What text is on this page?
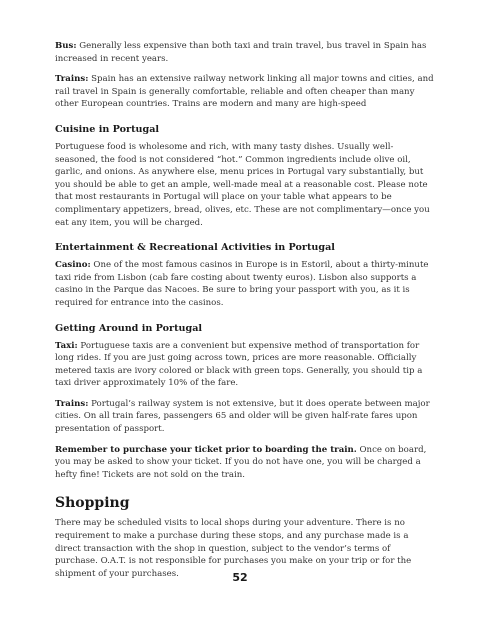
Bus: Generally less expensive than both taxi and train travel, bus travel in Spain has increased in recent years.

Trains: Spain has an extensive railway network linking all major towns and cities, and rail travel in Spain is generally comfortable, reliable and often cheaper than many other European countries. Trains are modern and many are high-speed

Cuisine in Portugal

Portuguese food is wholesome and rich, with many tasty dishes. Usually well-seasoned, the food is not considered “hot.” Common ingredients include olive oil, garlic, and onions. As anywhere else, menu prices in Portugal vary substantially, but you should be able to get an ample, well-made meal at a reasonable cost. Please note that most restaurants in Portugal will place on your table what appears to be complimentary appetizers, bread, olives, etc. These are not complimentary—once you eat any item, you will be charged.

Entertainment & Recreational Activities in Portugal

Casino: One of the most famous casinos in Europe is in Estoril, about a thirty-minute taxi ride from Lisbon (cab fare costing about twenty euros). Lisbon also supports a casino in the Parque das Nacoes. Be sure to bring your passport with you, as it is required for entrance into the casinos.

Getting Around in Portugal

Taxi: Portuguese taxis are a convenient but expensive method of transportation for long rides. If you are just going across town, prices are more reasonable. Officially metered taxis are ivory colored or black with green tops. Generally, you should tip a taxi driver approximately 10% of the fare.

Trains: Portugal’s railway system is not extensive, but it does operate between major cities. On all train fares, passengers 65 and older will be given half-rate fares upon presentation of passport.

Remember to purchase your ticket prior to boarding the train. Once on board, you may be asked to show your ticket. If you do not have one, you will be charged a hefty fine! Tickets are not sold on the train.

Shopping

There may be scheduled visits to local shops during your adventure. There is no requirement to make a purchase during these stops, and any purchase made is a direct transaction with the shop in question, subject to the vendor’s terms of purchase. O.A.T. is not responsible for purchases you make on your trip or for the shipment of your purchases.	52
